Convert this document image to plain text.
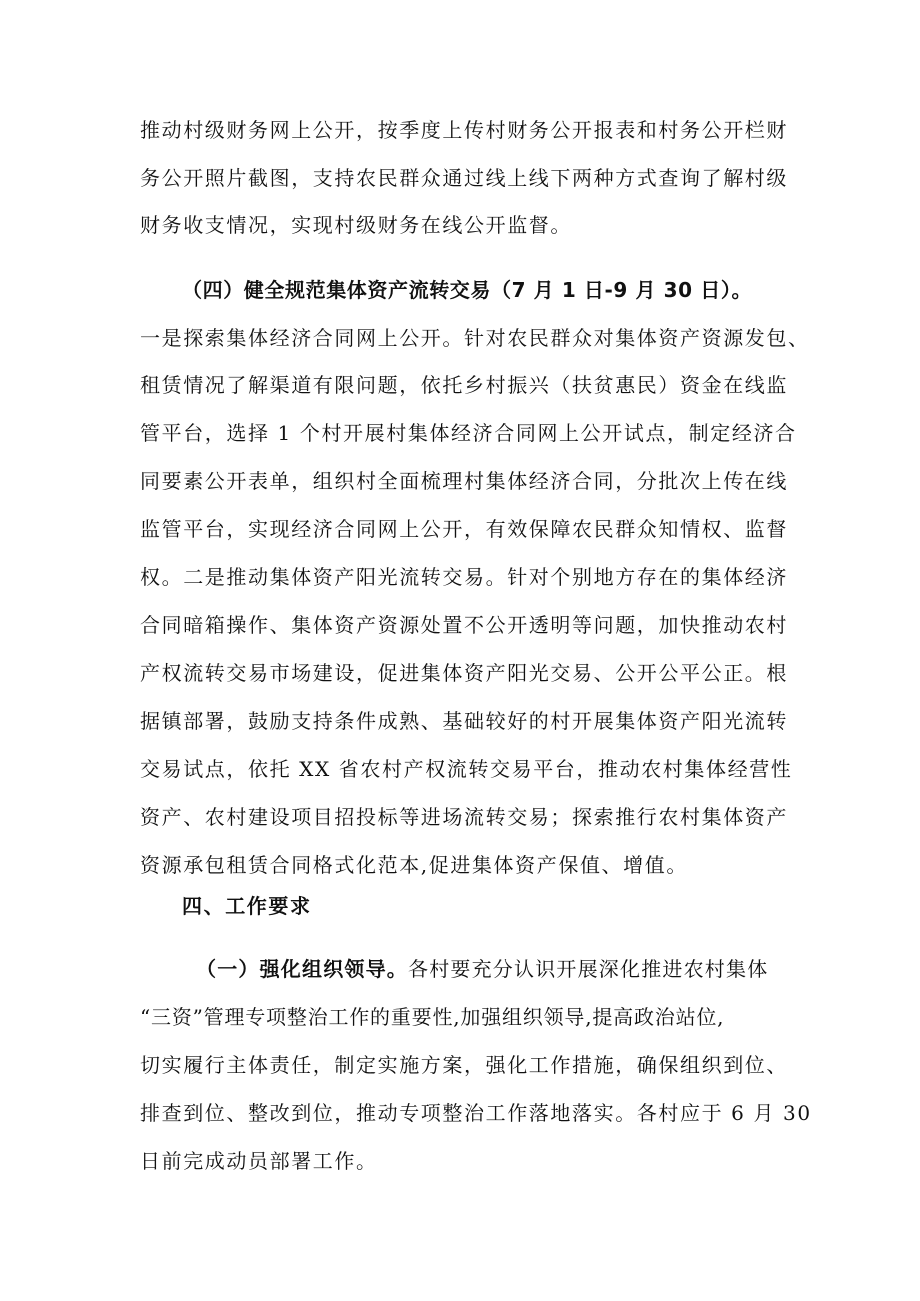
推动村级财务网上公开，按季度上传村财务公开报表和村务公开栏财
务公开照片截图，支持农民群众通过线上线下两种方式查询了解村级
财务收支情况，实现村级财务在线公开监督。
（四）健全规范集体资产流转交易（7 月 1 日-9 月 30 日）。
一是探索集体经济合同网上公开。针对农民群众对集体资产资源发包、
租赁情况了解渠道有限问题，依托乡村振兴（扶贫惠民）资金在线监
管平台，选择 1 个村开展村集体经济合同网上公开试点，制定经济合
同要素公开表单，组织村全面梳理村集体经济合同，分批次上传在线
监管平台，实现经济合同网上公开，有效保障农民群众知情权、监督
权。二是推动集体资产阳光流转交易。针对个别地方存在的集体经济
合同暗箱操作、集体资产资源处置不公开透明等问题，加快推动农村
产权流转交易市场建设，促进集体资产阳光交易、公开公平公正。根
据镇部署，鼓励支持条件成熟、基础较好的村开展集体资产阳光流转
交易试点，依托 XX 省农村产权流转交易平台，推动农村集体经营性
资产、农村建设项目招投标等进场流转交易；探索推行农村集体资产
资源承包租赁合同格式化范本,促进集体资产保值、增值。
四、工作要求
（一）强化组织领导。各村要充分认识开展深化推进农村集体
“三资”管理专项整治工作的重要性,加强组织领导,提高政治站位,
切实履行主体责任，制定实施方案，强化工作措施，确保组织到位、
排查到位、整改到位，推动专项整治工作落地落实。各村应于 6 月 30
日前完成动员部署工作。
